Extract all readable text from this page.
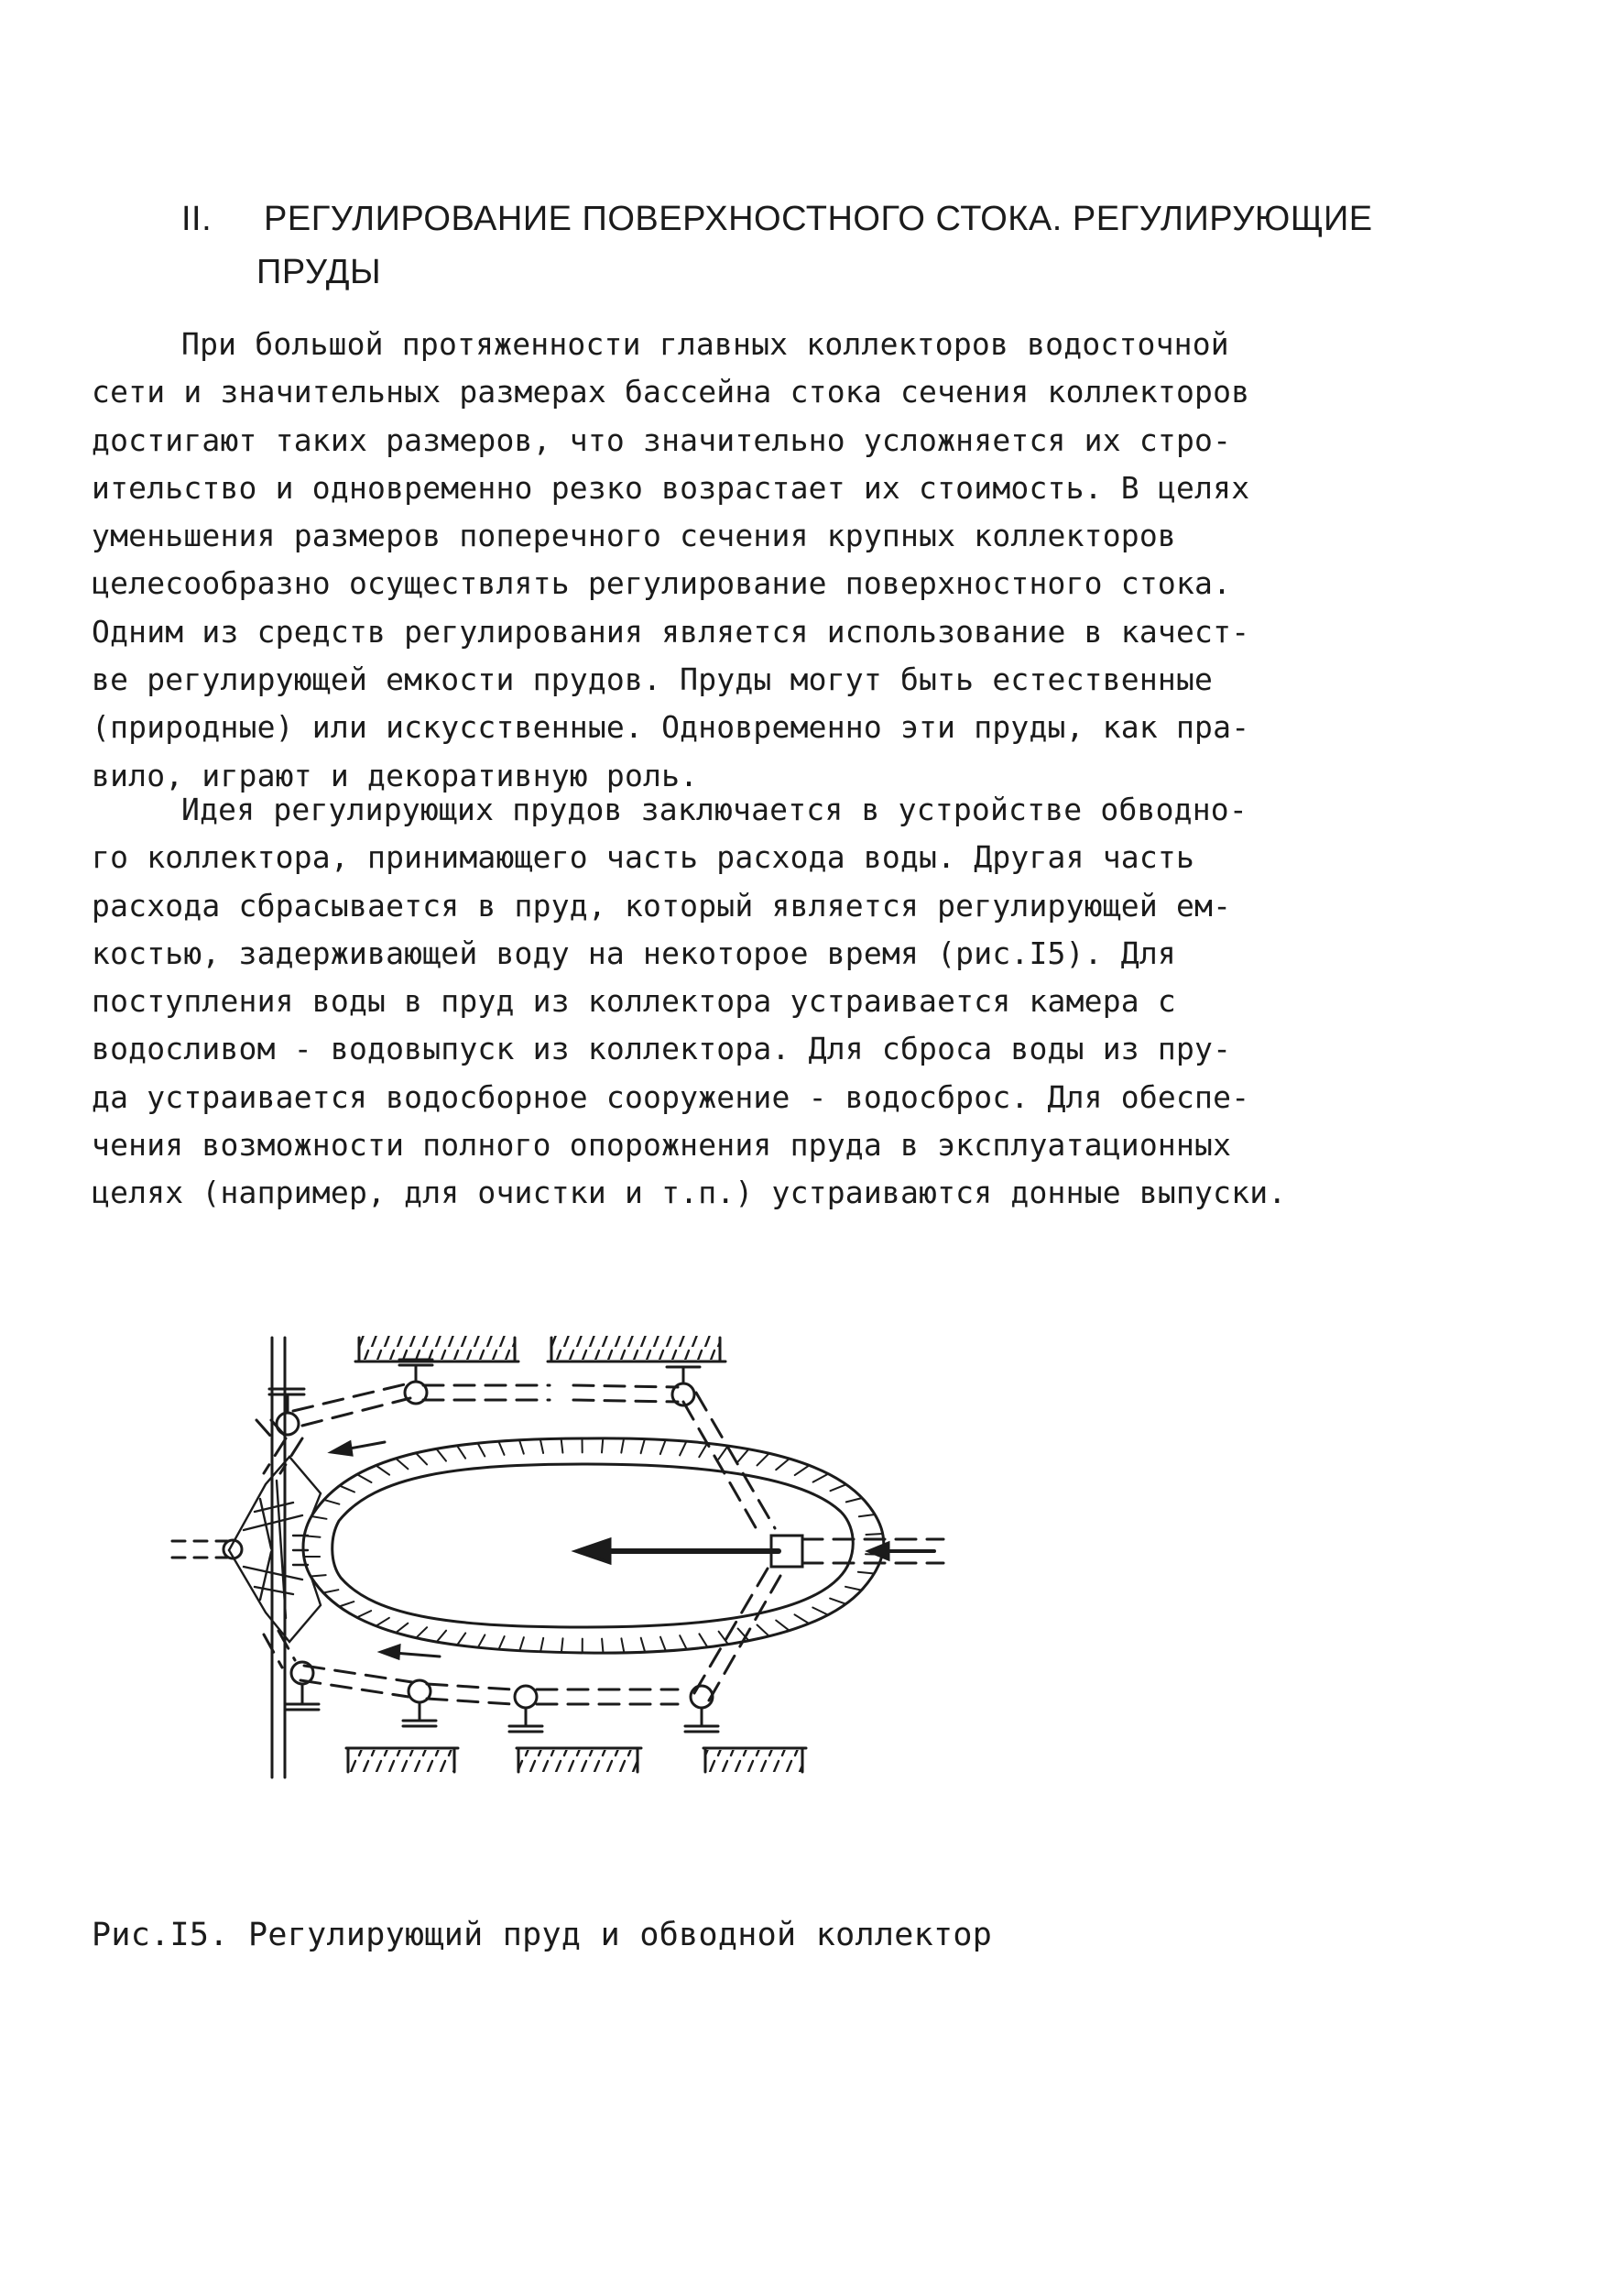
II. РЕГУЛИРОВАНИЕ ПОВЕРХНОСТНОГО СТОКА. РЕГУЛИРУЮЩИЕ
ПРУДЫ
При большой протяженности главных коллекторов водосточной
сети и значительных размерах бассейна стока сечения коллекторов
достигают таких размеров, что значительно усложняется их стро-
ительство и одновременно резко возрастает их стоимость. В целях
уменьшения размеров поперечного сечения крупных коллекторов
целесообразно осуществлять регулирование поверхностного стока.
Одним из средств регулирования является использование в качест-
ве регулирующей емкости прудов. Пруды могут быть естественные
(природные) или искусственные. Одновременно эти пруды, как пра-
вило, играют и декоративную роль.
Идея регулирующих прудов заключается в устройстве обводно-
го коллектора, принимающего часть расхода воды. Другая часть
расхода сбрасывается в пруд, который является регулирующей ем-
костью, задерживающей воду на некоторое время (рис.I5). Для
поступления воды в пруд из коллектора устраивается камера с
водосливом - водовыпуск из коллектора. Для сброса воды из пру-
да устраивается водосборное сооружение - водосброс. Для обеспе-
чения возможности полного опорожнения пруда в эксплуатационных
целях (например, для очистки и т.п.) устраиваются донные выпуски.
Рис.I5. Регулирующий пруд и обводной коллектор
